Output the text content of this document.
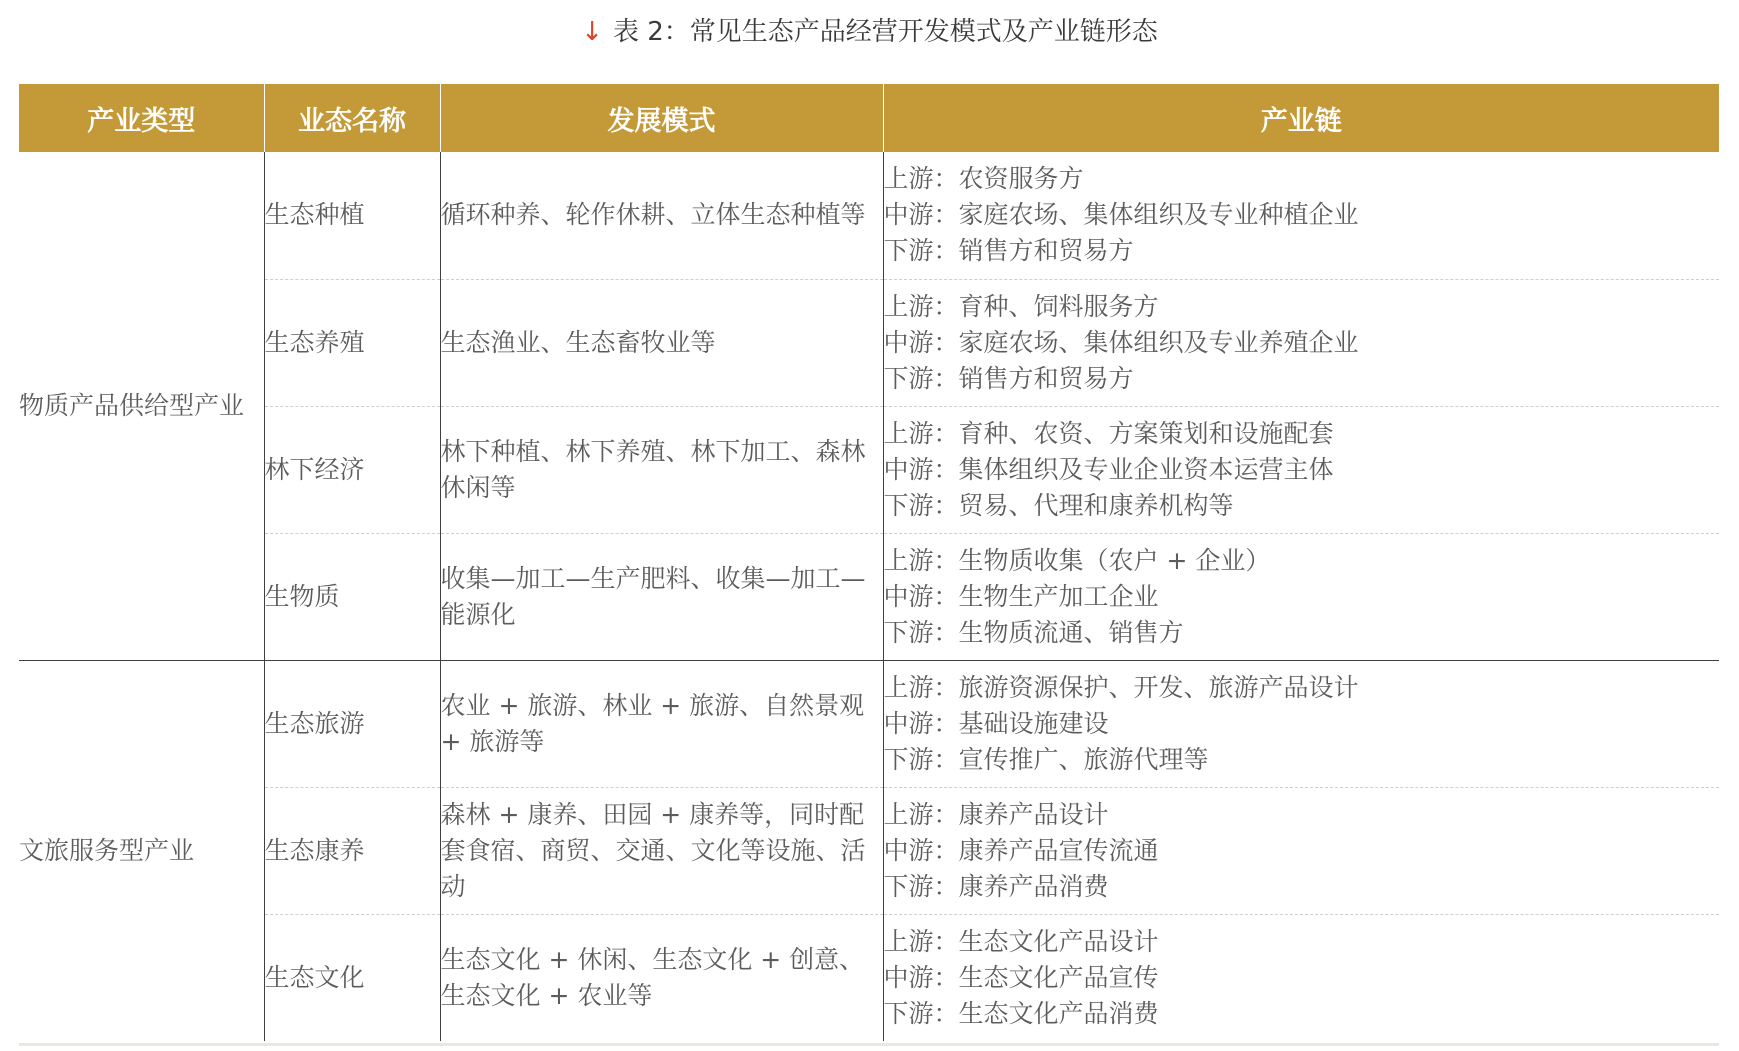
↓ 表 2：常见生态产品经营开发模式及产业链形态
产业类型	业态名称	发展模式	产业链
物质产品供给型产业	生态种植	循环种养、轮作休耕、立体生态种植等	上游：农资服务方
中游：家庭农场、集体组织及专业种植企业
下游：销售方和贸易方

	生态养殖	生态渔业、生态畜牧业等	上游：育种、饲料服务方
中游：家庭农场、集体组织及专业养殖企业
下游：销售方和贸易方

	林下经济	林下种植、林下养殖、林下加工、森林休闲等	上游：育种、农资、方案策划和设施配套
中游：集体组织及专业企业资本运营主体
下游：贸易、代理和康养机构等

	生物质	收集—加工—生产肥料、收集—加工—能源化	上游：生物质收集（农户 + 企业）
中游：生物生产加工企业
下游：生物质流通、销售方

文旅服务型产业	生态旅游	农业 + 旅游、林业 + 旅游、自然景观 + 旅游等	上游：旅游资源保护、开发、旅游产品设计
中游：基础设施建设
下游：宣传推广、旅游代理等

	生态康养	森林 + 康养、田园 + 康养等，同时配套食宿、商贸、交通、文化等设施、活动	上游：康养产品设计
中游：康养产品宣传流通
下游：康养产品消费

	生态文化	生态文化 + 休闲、生态文化 + 创意、生态文化 + 农业等	上游：生态文化产品设计
中游：生态文化产品宣传
下游：生态文化产品消费
